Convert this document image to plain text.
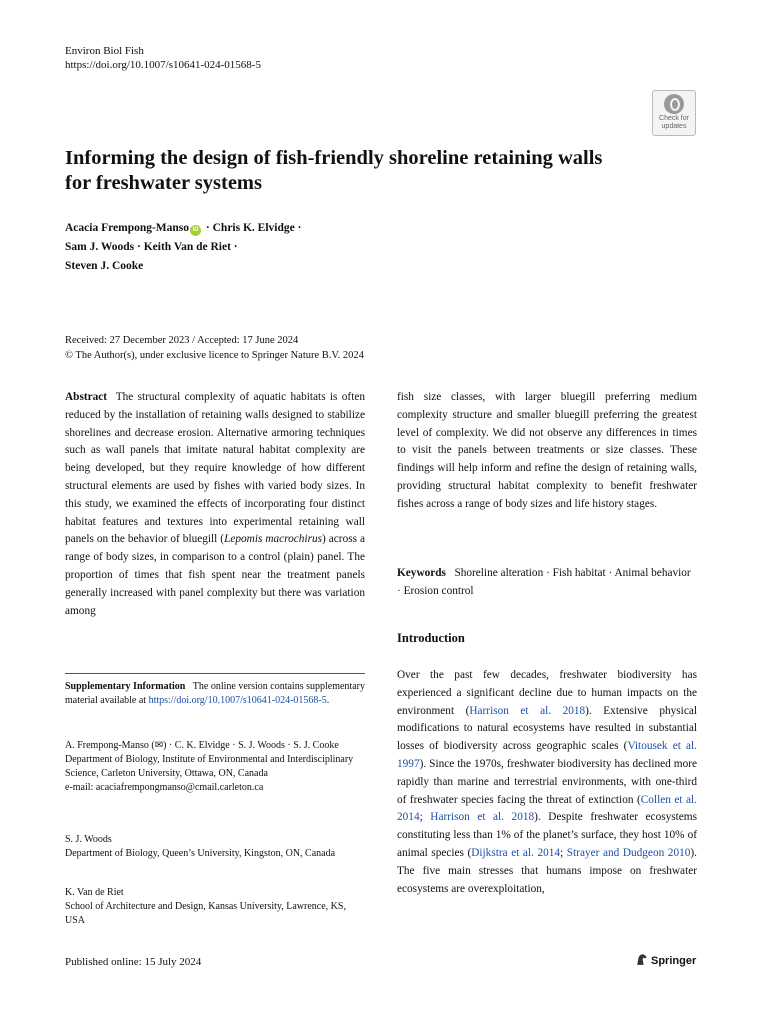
Environ Biol Fish
https://doi.org/10.1007/s10641-024-01568-5
Check for
updates
Informing the design of fish-friendly shoreline retaining walls for freshwater systems
Acacia Frempong-Manso iD · Chris K. Elvidge ·
Sam J. Woods · Keith Van de Riet ·
Steven J. Cooke
Received: 27 December 2023 / Accepted: 17 June 2024
© The Author(s), under exclusive licence to Springer Nature B.V. 2024
Abstract The structural complexity of aquatic habitats is often reduced by the installation of retaining walls designed to stabilize shorelines and decrease erosion. Alternative armoring techniques such as wall panels that imitate natural habitat complexity are being developed, but they require knowledge of how different structural elements are used by fishes with varied body sizes. In this study, we examined the effects of incorporating four distinct habitat features and textures into experimental retaining wall panels on the behavior of bluegill (Lepomis macrochirus) across a range of body sizes, in comparison to a control (plain) panel. The proportion of times that fish spent near the treatment panels generally increased with panel complexity but there was variation among
fish size classes, with larger bluegill preferring medium complexity structure and smaller bluegill preferring the greatest level of complexity. We did not observe any differences in times to visit the panels between treatments or size classes. These findings will help inform and refine the design of retaining walls, providing structural habitat complexity to benefit freshwater fishes across a range of body sizes and life history stages.
Keywords Shoreline alteration · Fish habitat · Animal behavior · Erosion control
Introduction
Over the past few decades, freshwater biodiversity has experienced a significant decline due to human impacts on the environment (Harrison et al. 2018). Extensive physical modifications to natural ecosystems have resulted in substantial losses of biodiversity across geographic scales (Vitousek et al. 1997). Since the 1970s, freshwater biodiversity has declined more rapidly than marine and terrestrial environments, with one-third of freshwater species facing the threat of extinction (Collen et al. 2014; Harrison et al. 2018). Despite freshwater ecosystems constituting less than 1% of the planet’s surface, they host 10% of animal species (Dijkstra et al. 2014; Strayer and Dudgeon 2010). The five main stresses that humans impose on freshwater ecosystems are overexploitation,
Supplementary Information The online version contains supplementary material available at https://doi.org/10.1007/s10641-024-01568-5.
A. Frempong-Manso (✉) · C. K. Elvidge · S. J. Woods · S. J. Cooke
Department of Biology, Institute of Environmental and Interdisciplinary Science, Carleton University, Ottawa, ON, Canada
e-mail: acaciafrempongmanso@cmail.carleton.ca
S. J. Woods
Department of Biology, Queen’s University, Kingston, ON, Canada
K. Van de Riet
School of Architecture and Design, Kansas University, Lawrence, KS, USA
Published online: 15 July 2024	Springer
